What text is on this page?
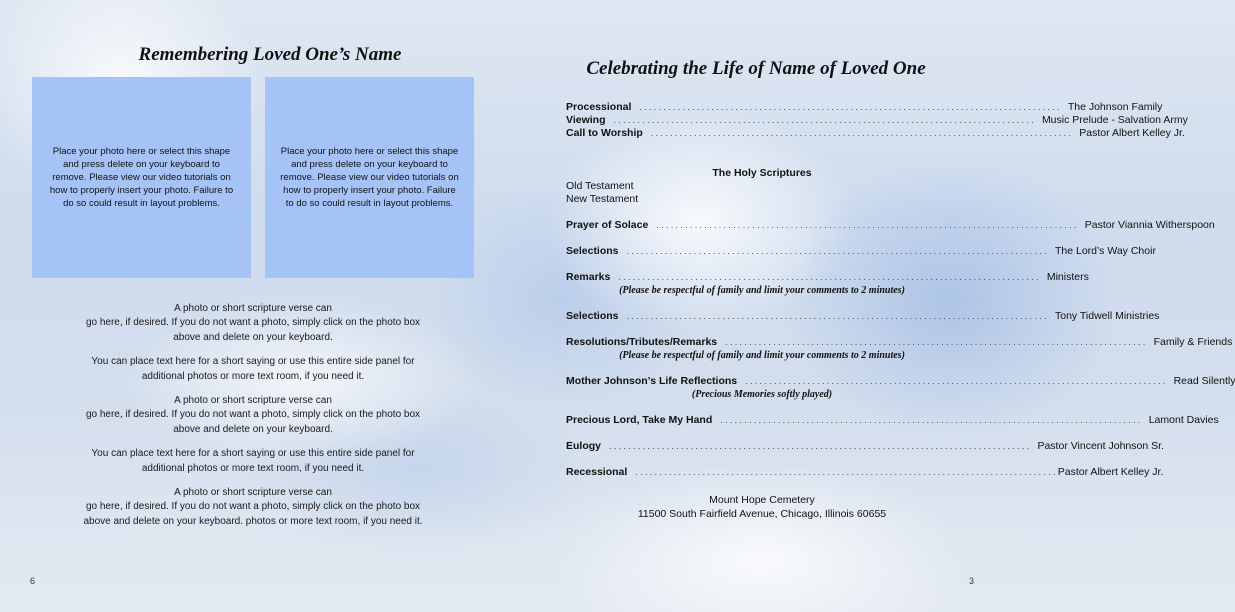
Remembering Loved One’s Name
Place your photo here or select this shape
and press delete on your keyboard to
remove. Please view our video tutorials on
how to properly insert your photo. Failure to
do so could result in layout problems.
Place your photo here or select this shape
and press delete on your keyboard to
remove. Please view our video tutorials on
how to properly insert your photo. Failure
to do so could result in layout problems.
A photo or short scripture verse can
go here, if desired. If you do not want a photo, simply click on the photo box
above and delete on your keyboard.
You can place text here for a short saying or use this entire side panel for
additional photos or more text room, if you need it.
A photo or short scripture verse can
go here, if desired. If you do not want a photo, simply click on the photo box
above and delete on your keyboard.
You can place text here for a short saying or use this entire side panel for
additional photos or more text room, if you need it.
A photo or short scripture verse can
go here, if desired. If you do not want a photo, simply click on the photo box
above and delete on your keyboard. photos or more text room, if you need it.
6
Celebrating the Life of Name of Loved One
Processional ........................................................................................ The Johnson Family
Viewing ........................................................................................ Music Prelude - Salvation Army
Call to Worship ........................................................................................ Pastor Albert Kelley Jr.
The Holy Scriptures
Old Testament
New Testament
Prayer of Solace ........................................................................................ Pastor Viannia Witherspoon
Selections ........................................................................................ The Lord’s Way Choir
Remarks ........................................................................................ Ministers
(Please be respectful of family and limit your comments to 2 minutes)
Selections ........................................................................................ Tony Tidwell Ministries
Resolutions/Tributes/Remarks ........................................................................................ Family & Friends
(Please be respectful of family and limit your comments to 2 minutes)
Mother Johnson’s Life Reflections ........................................................................................ Read Silently
(Precious Memories softly played)
Precious Lord, Take My Hand ........................................................................................ Lamont Davies
Eulogy ........................................................................................ Pastor Vincent Johnson Sr.
Recessional ........................................................................................ Pastor Albert Kelley Jr.
Mount Hope Cemetery
11500 South Fairfield Avenue, Chicago, Illinois 60655
3
